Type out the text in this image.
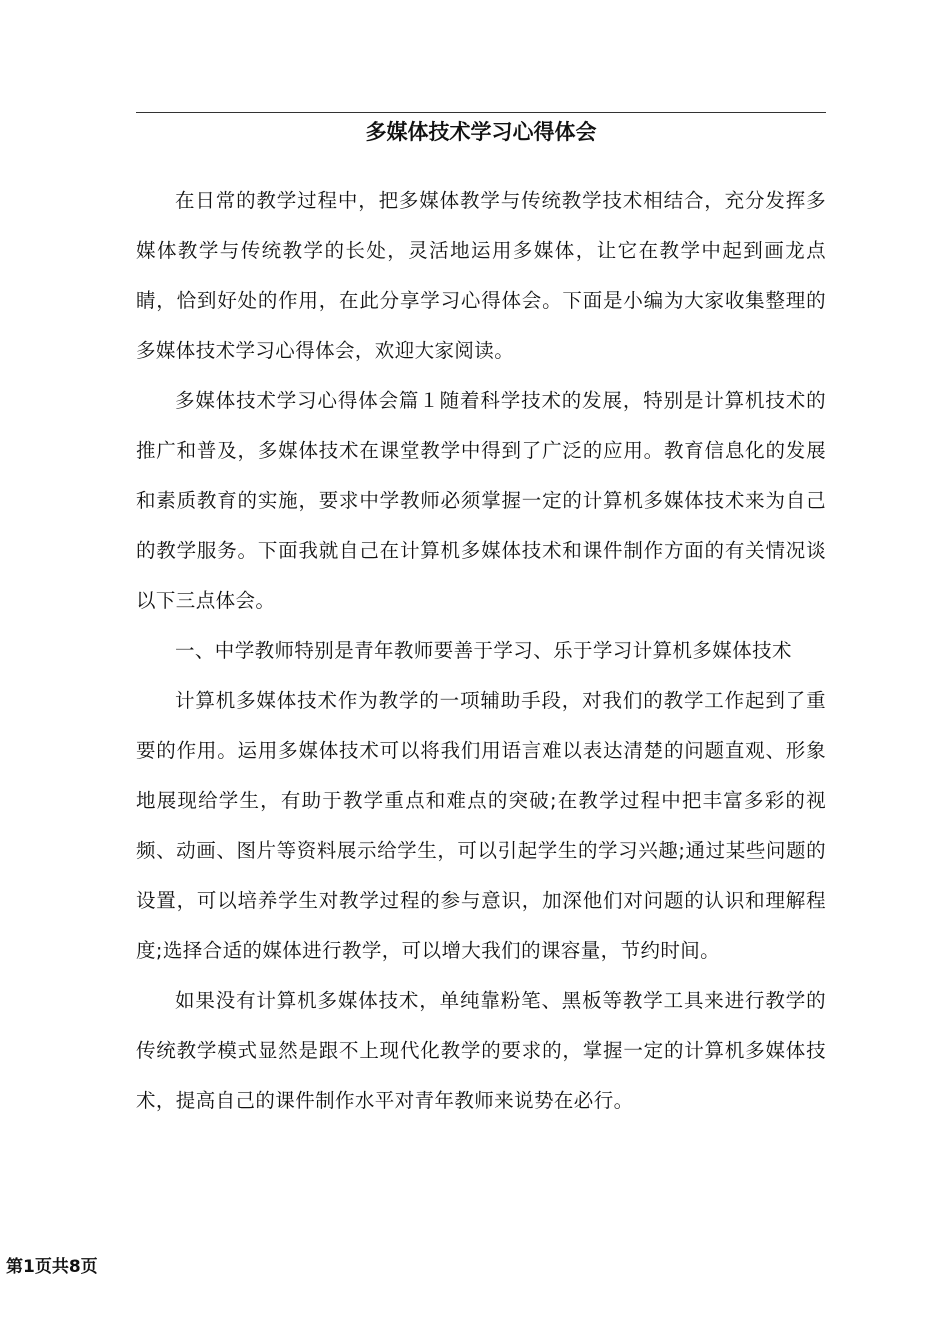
多媒体技术学习心得体会

在日常的教学过程中，把多媒体教学与传统教学技术相结合，充分发挥多媒体教学与传统教学的长处，灵活地运用多媒体，让它在教学中起到画龙点睛，恰到好处的作用，在此分享学习心得体会。下面是小编为大家收集整理的多媒体技术学习心得体会，欢迎大家阅读。

多媒体技术学习心得体会篇１随着科学技术的发展，特别是计算机技术的推广和普及，多媒体技术在课堂教学中得到了广泛的应用。教育信息化的发展和素质教育的实施，要求中学教师必须掌握一定的计算机多媒体技术来为自己的教学服务。下面我就自己在计算机多媒体技术和课件制作方面的有关情况谈以下三点体会。

一、中学教师特别是青年教师要善于学习、乐于学习计算机多媒体技术

计算机多媒体技术作为教学的一项辅助手段，对我们的教学工作起到了重要的作用。运用多媒体技术可以将我们用语言难以表达清楚的问题直观、形象地展现给学生，有助于教学重点和难点的突破;在教学过程中把丰富多彩的视频、动画、图片等资料展示给学生，可以引起学生的学习兴趣;通过某些问题的设置，可以培养学生对教学过程的参与意识，加深他们对问题的认识和理解程度;选择合适的媒体进行教学，可以增大我们的课容量，节约时间。

如果没有计算机多媒体技术，单纯靠粉笔、黑板等教学工具来进行教学的传统教学模式显然是跟不上现代化教学的要求的，掌握一定的计算机多媒体技术，提高自己的课件制作水平对青年教师来说势在必行。

第1页共8页
